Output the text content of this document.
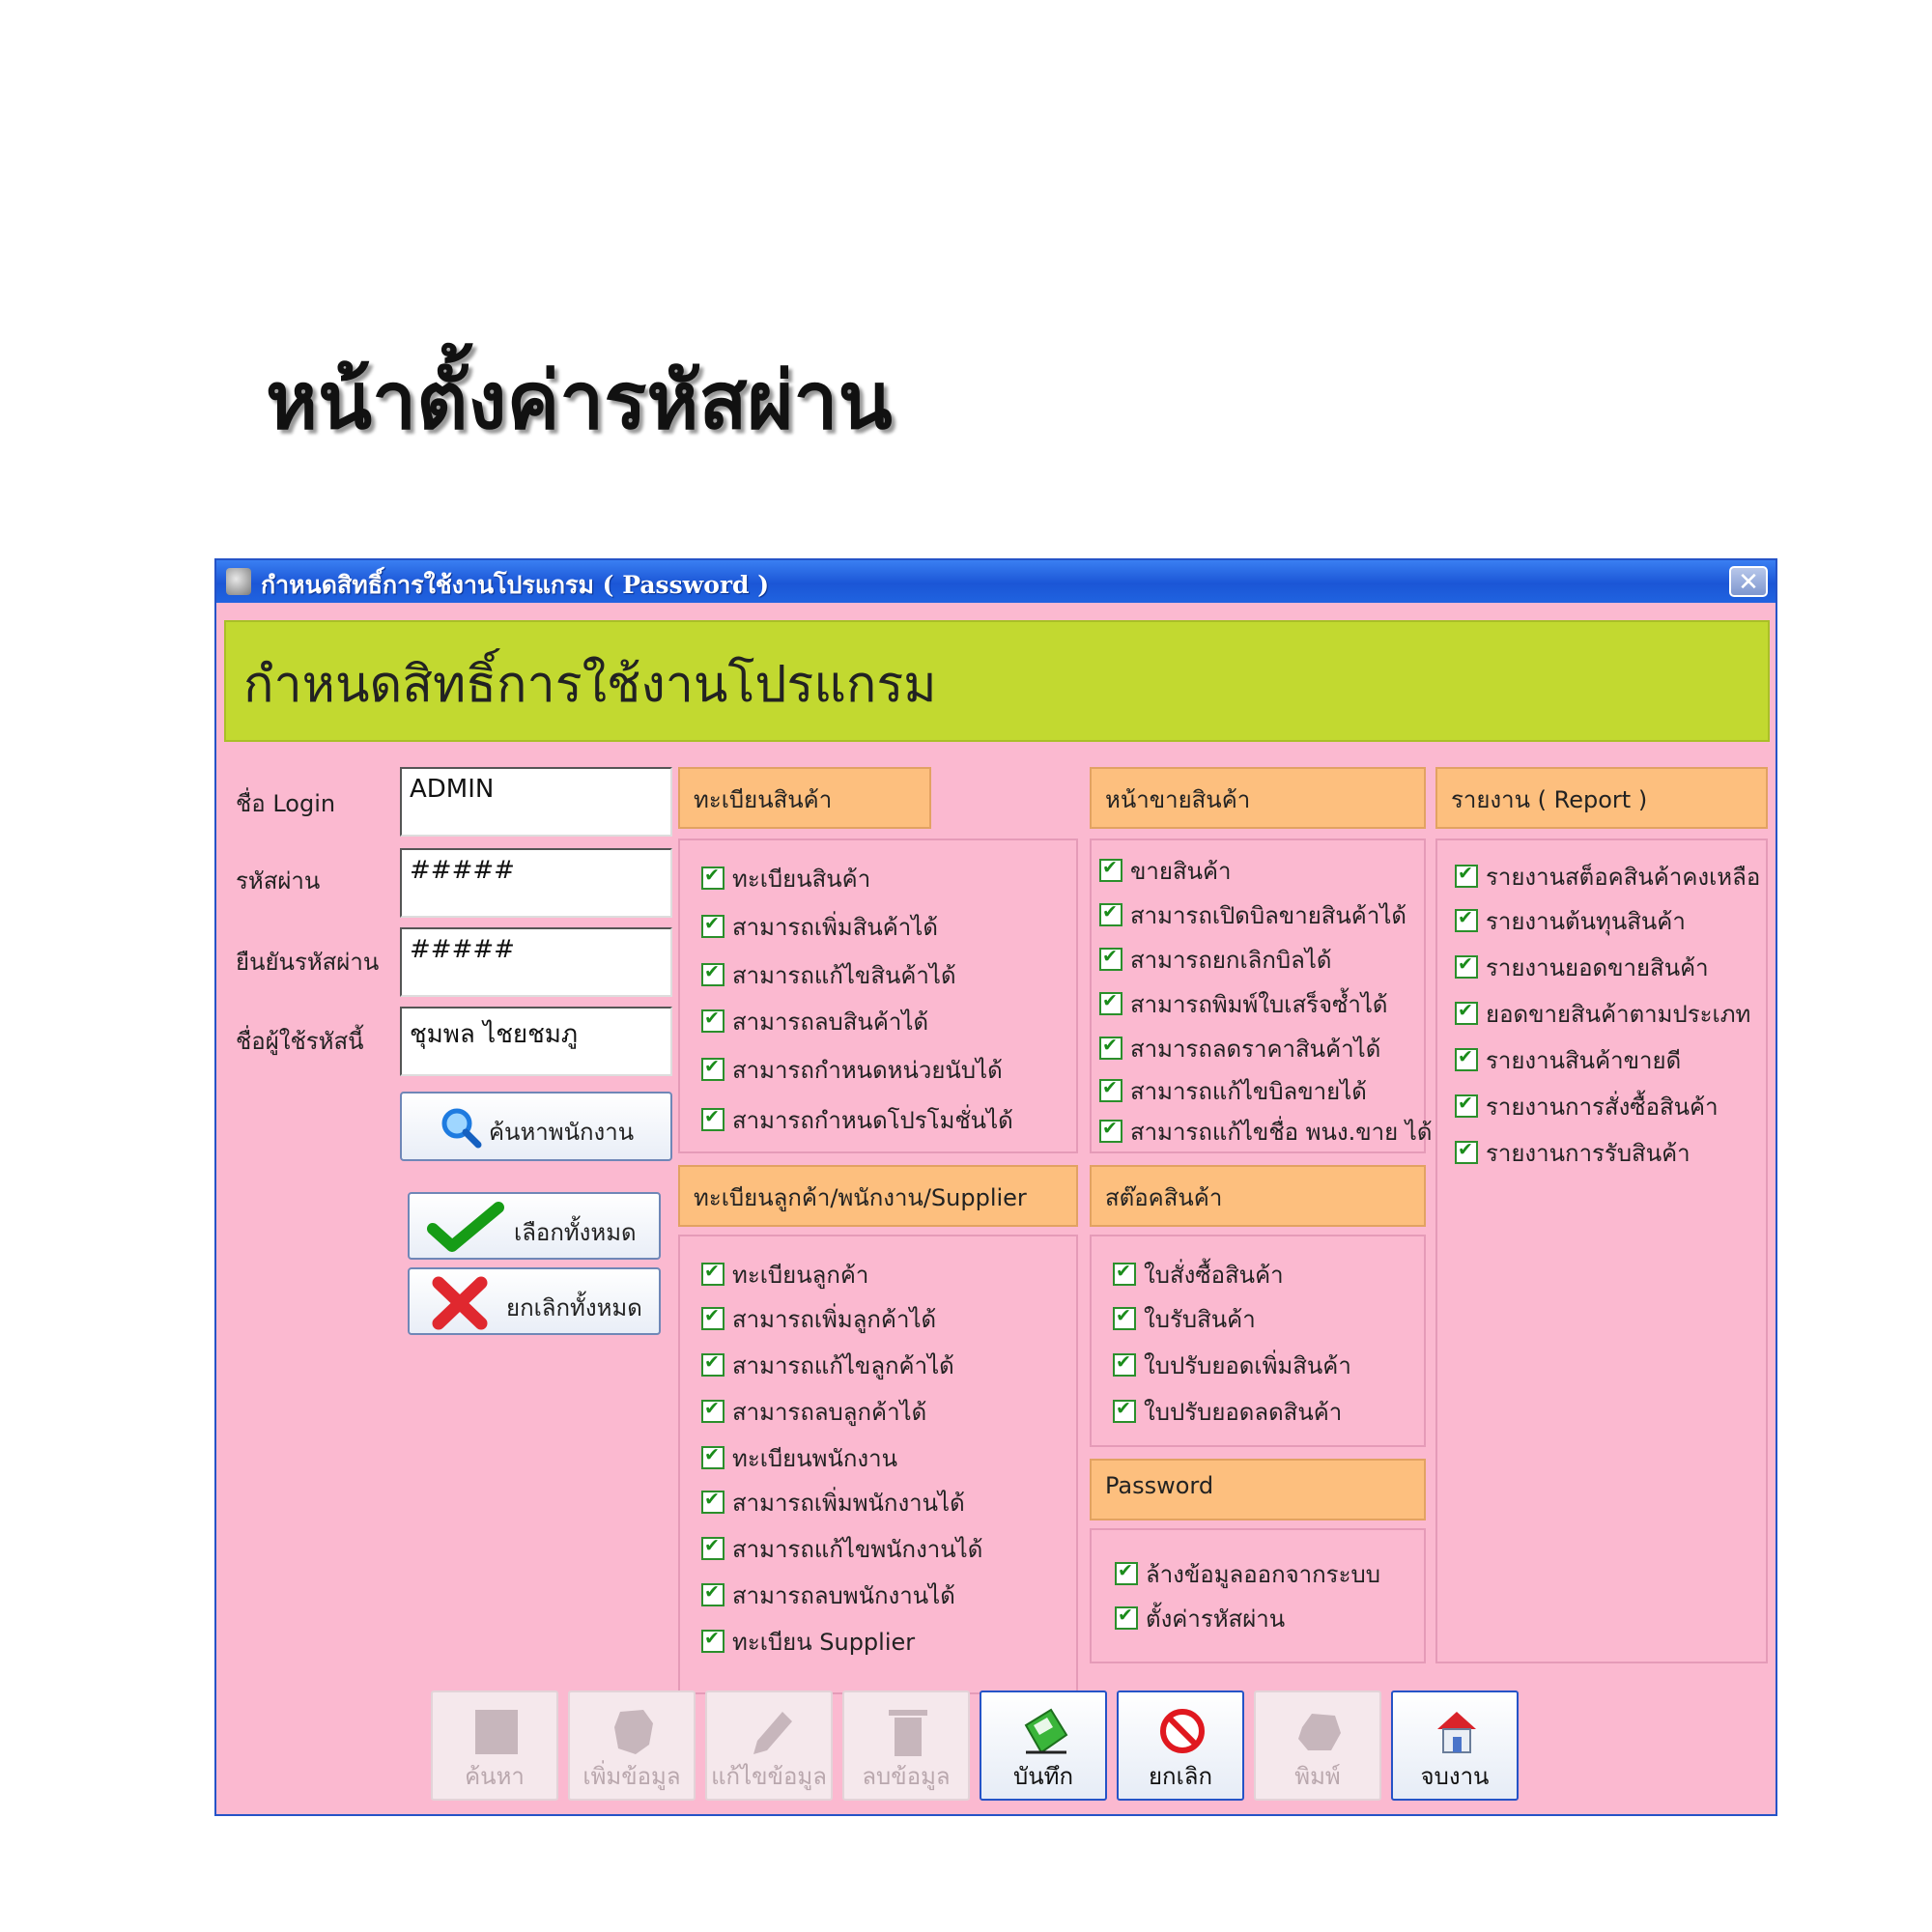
หน้าตั้งค่ารหัสผ่าน
กำหนดสิทธิ์การใช้งานโปรแกรม ( Password )	✕
กำหนดสิทธิ์การใช้งานโปรแกรม
ชื่อ Login	ADMIN
รหัสผ่าน	#####
ยืนยันรหัสผ่าน	#####
ชื่อผู้ใช้รหัสนี้	ชุมพล ไชยชมภู
ค้นหาพนักงาน
เลือกทั้งหมด
ยกเลิกทั้งหมด
ทะเบียนสินค้า
✔ทะเบียนสินค้า
✔สามารถเพิ่มสินค้าได้
✔สามารถแก้ไขสินค้าได้
✔สามารถลบสินค้าได้
✔สามารถกำหนดหน่วยนับได้
✔สามารถกำหนดโปรโมชั่นได้
ทะเบียนลูกค้า/พนักงาน/Supplier
✔ทะเบียนลูกค้า
✔สามารถเพิ่มลูกค้าได้
✔สามารถแก้ไขลูกค้าได้
✔สามารถลบลูกค้าได้
✔ทะเบียนพนักงาน
✔สามารถเพิ่มพนักงานได้
✔สามารถแก้ไขพนักงานได้
✔สามารถลบพนักงานได้
✔ทะเบียน Supplier
หน้าขายสินค้า
✔ขายสินค้า
✔สามารถเปิดบิลขายสินค้าได้
✔สามารถยกเลิกบิลได้
✔สามารถพิมพ์ใบเสร็จซ้ำได้
✔สามารถลดราคาสินค้าได้
✔สามารถแก้ไขบิลขายได้
✔สามารถแก้ไขชื่อ พนง.ขาย ได้
สต๊อคสินค้า
✔ใบสั่งซื้อสินค้า
✔ใบรับสินค้า
✔ใบปรับยอดเพิ่มสินค้า
✔ใบปรับยอดลดสินค้า
Password
✔ล้างข้อมูลออกจากระบบ
✔ตั้งค่ารหัสผ่าน
รายงาน ( Report )
✔รายงานสต็อคสินค้าคงเหลือ
✔รายงานต้นทุนสินค้า
✔รายงานยอดขายสินค้า
✔ยอดขายสินค้าตามประเภท
✔รายงานสินค้าขายดี
✔รายงานการสั่งซื้อสินค้า
✔รายงานการรับสินค้า
ค้นหา	เพิ่มข้อมูล	แก้ไขข้อมูล	ลบข้อมูล	บันทึก	ยกเลิก	พิมพ์	จบงาน
